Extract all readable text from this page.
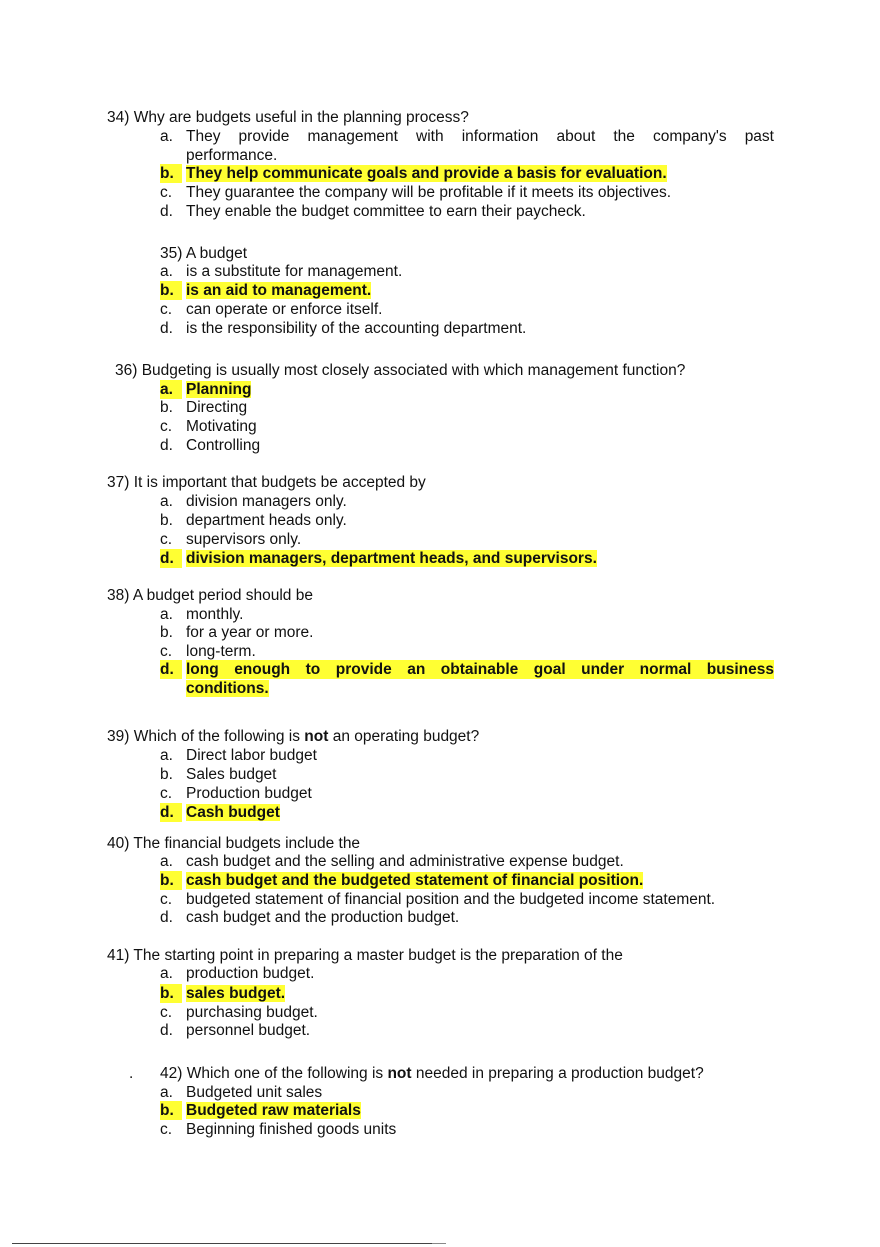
34) Why are budgets useful in the planning process?
a. They provide management with information about the company's past
performance.
b. They help communicate goals and provide a basis for evaluation.
c. They guarantee the company will be profitable if it meets its objectives.
d. They enable the budget committee to earn their paycheck.
35) A budget
a. is a substitute for management.
b. is an aid to management.
c. can operate or enforce itself.
d. is the responsibility of the accounting department.
36) Budgeting is usually most closely associated with which management function?
a. Planning
b. Directing
c. Motivating
d. Controlling
37) It is important that budgets be accepted by
a. division managers only.
b. department heads only.
c. supervisors only.
d. division managers, department heads, and supervisors.
38) A budget period should be
a. monthly.
b. for a year or more.
c. long-term.
d. long enough to provide an obtainable goal under normal business
conditions.
39) Which of the following is not an operating budget?
a. Direct labor budget
b. Sales budget
c. Production budget
d. Cash budget
40) The financial budgets include the
a. cash budget and the selling and administrative expense budget.
b. cash budget and the budgeted statement of financial position.
c. budgeted statement of financial position and the budgeted income statement.
d. cash budget and the production budget.
41) The starting point in preparing a master budget is the preparation of the
a. production budget.
b. sales budget.
c. purchasing budget.
d. personnel budget.
. 42) Which one of the following is not needed in preparing a production budget?
a. Budgeted unit sales
b. Budgeted raw materials
c. Beginning finished goods units
